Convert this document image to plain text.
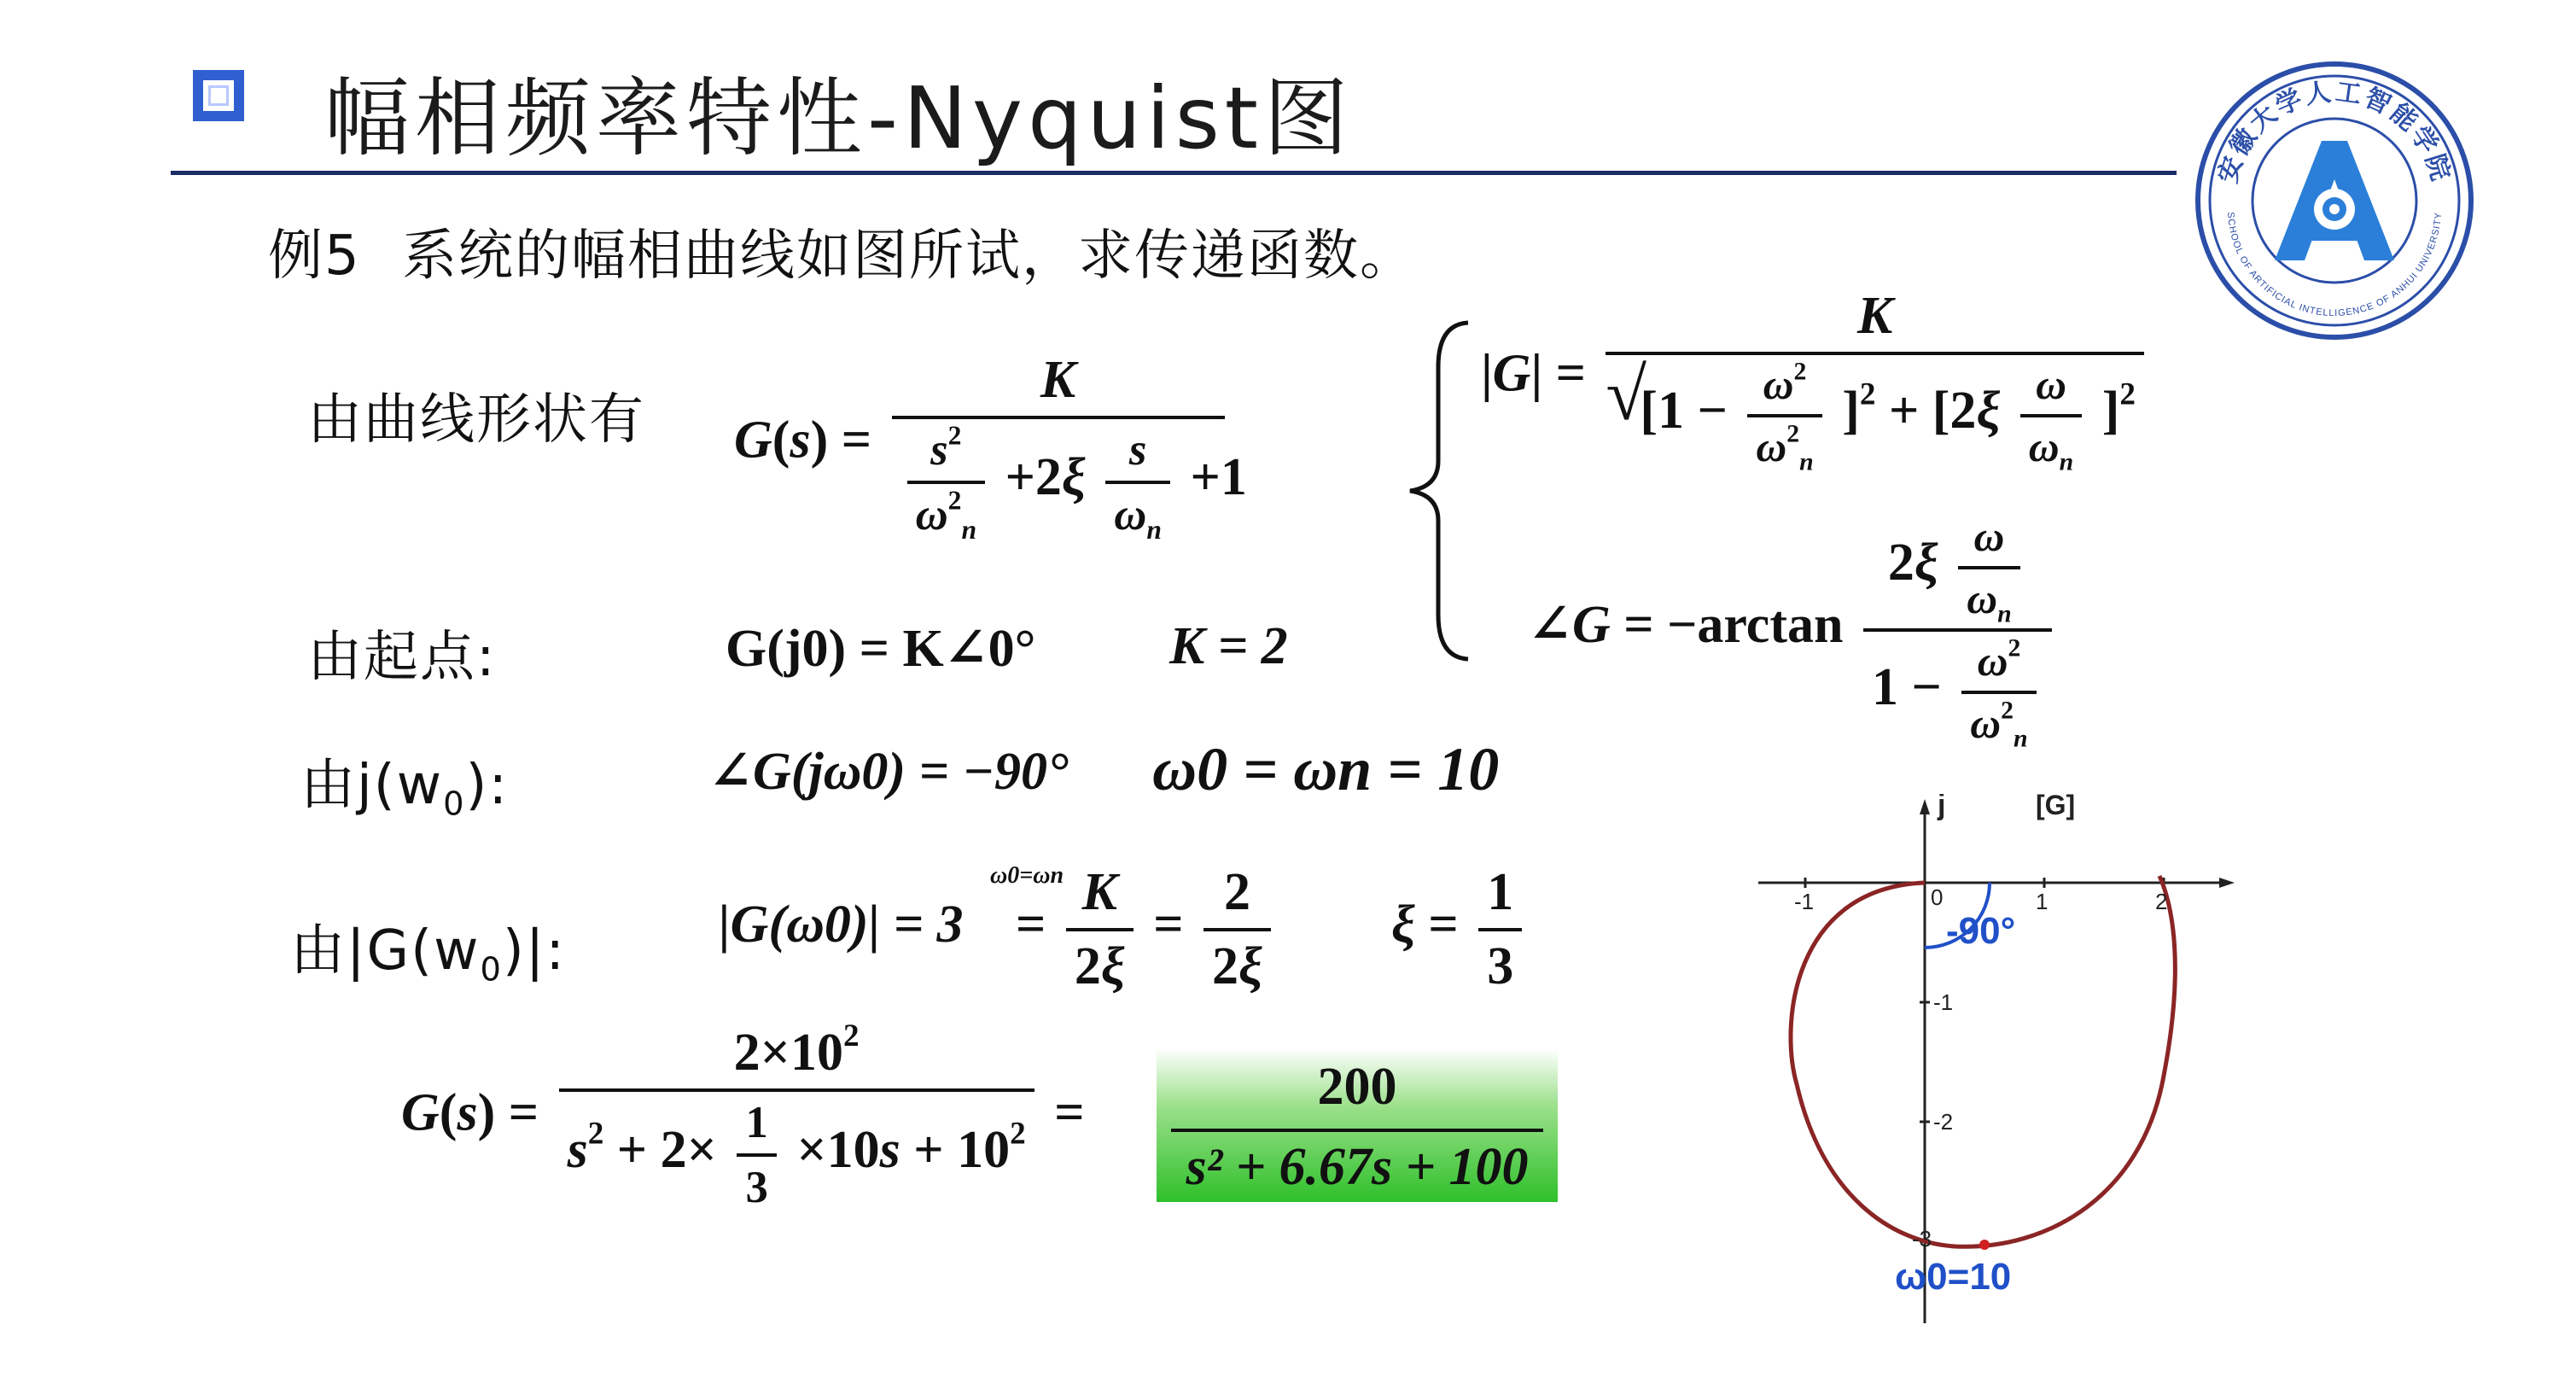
幅相频率特性-Nyquist图
安徽大学人工智能学院
SCHOOL OF ARTIFICIAL INTELLIGENCE OF ANHUI UNIVERSITY
例5 系统的幅相曲线如图所试，求传递函数。
由曲线形状有 $G(s) = \frac{K}{\frac{s^2}{\omega^2_n} +2\xi \frac{s}{\omega_n} +1}$	|G| = K
√
$[1 - \frac{\omega^2}{\omega^2_n} ]^2 + [2\xi \frac{\omega}{\omega_n} ]^2$
∠G = $-\arctan \frac{2\xi \frac{\omega}{\omega_n}}{1 - \frac{\omega^2}{\omega^2_n}}$
由起点:	G(j0) = K∠0°	K = 2
由$j(w_0)$:	∠G(jω0) = −90° ω0 = ωn = 10
由$|G(w_0)|$:	|G(ω0)| = 3
ω0=ωn
= $\frac{K}{2\xi} = \frac{2}{2\xi}$ $\xi = \frac{1}{3}$
$G(s) = \frac{2\times 10^2}{s^2 + 2\times \frac{1}{3} \times 10s + 10^2}$ =	200
s² + 6.67s + 100
j	[G]
-1	0	1	2
-1
-2
-3
-90°
ω0=10
